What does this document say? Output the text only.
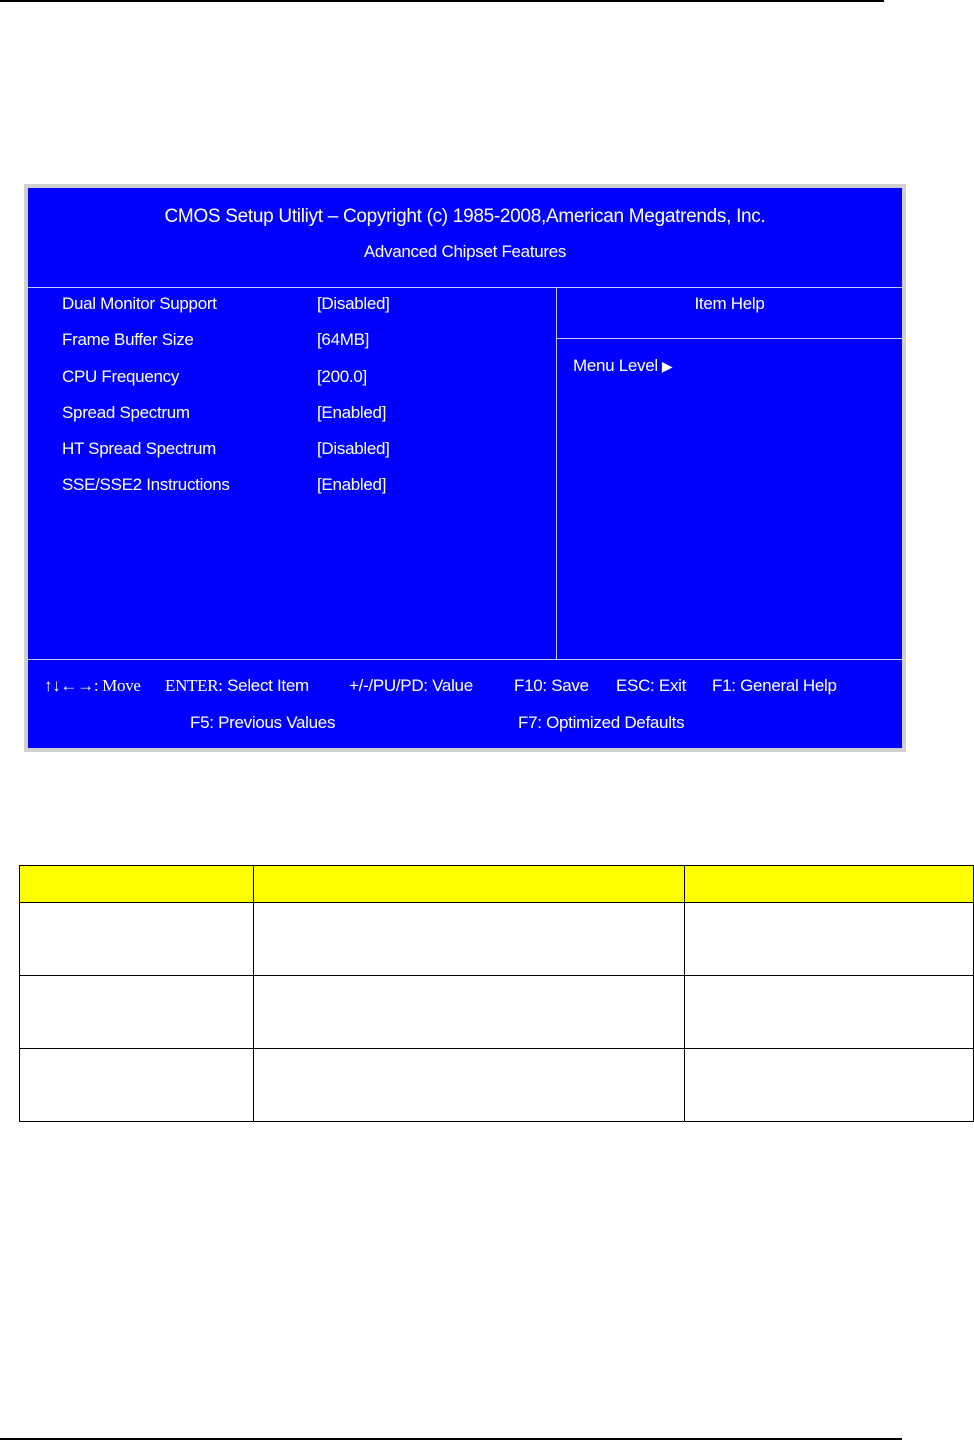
CMOS Setup Utiliyt – Copyright (c) 1985-2008,American Megatrends, Inc.
Advanced Chipset Features
Dual Monitor Support	[Disabled]
Frame Buffer Size	[64MB]
CPU Frequency	[200.0]
Spread Spectrum	[Enabled]
HT Spread Spectrum	[Disabled]
SSE/SSE2 Instructions	[Enabled]
Item Help
Menu Level ▶
↑↓←→: Move ENTER: Select Item +/-/PU/PD: Value F10: Save ESC: Exit F1: General Help
F5: Previous Values	F7: Optimized Defaults
